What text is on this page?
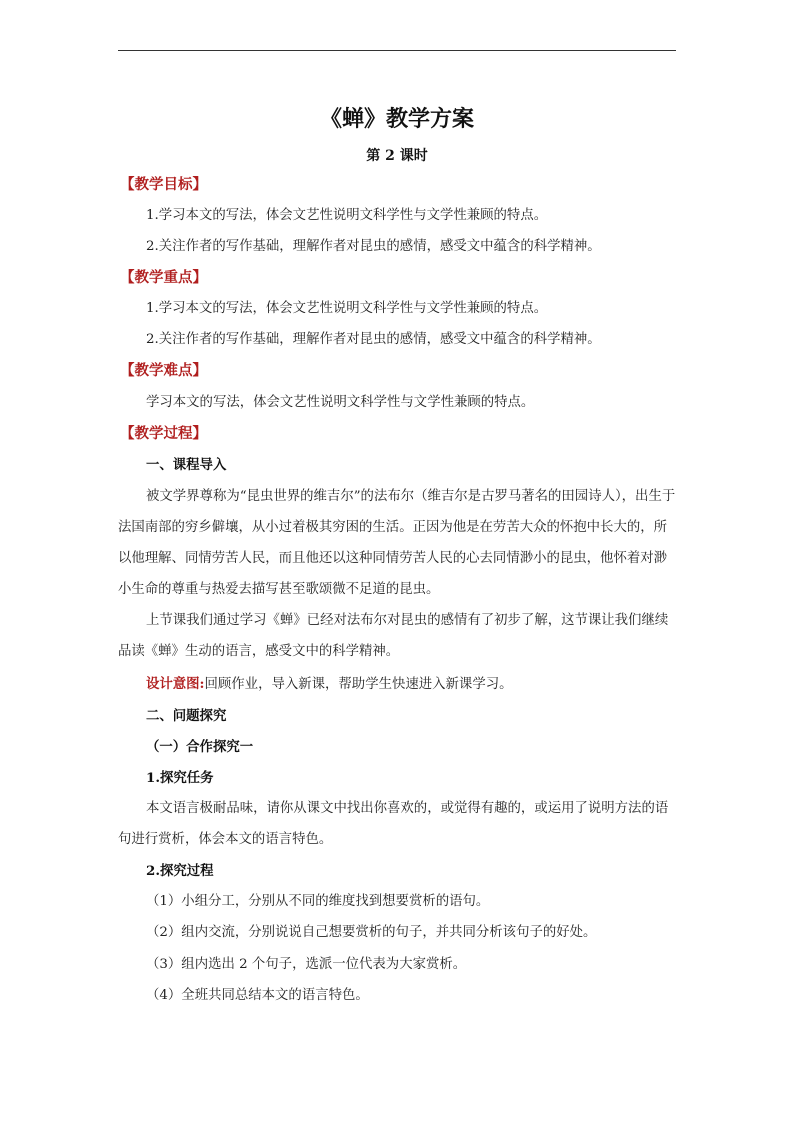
《蝉》教学方案
第 2 课时
【教学目标】
1.学习本文的写法，体会文艺性说明文科学性与文学性兼顾的特点。
2.关注作者的写作基础，理解作者对昆虫的感情，感受文中蕴含的科学精神。
【教学重点】
1.学习本文的写法，体会文艺性说明文科学性与文学性兼顾的特点。
2.关注作者的写作基础，理解作者对昆虫的感情，感受文中蕴含的科学精神。
【教学难点】
学习本文的写法，体会文艺性说明文科学性与文学性兼顾的特点。
【教学过程】
一、课程导入
被文学界尊称为“昆虫世界的维吉尔”的法布尔（维吉尔是古罗马著名的田园诗人），出生于法国南部的穷乡僻壤，从小过着极其穷困的生活。正因为他是在劳苦大众的怀抱中长大的，所以他理解、同情劳苦人民，而且他还以这种同情劳苦人民的心去同情渺小的昆虫，他怀着对渺小生命的尊重与热爱去描写甚至歌颂微不足道的昆虫。
上节课我们通过学习《蝉》已经对法布尔对昆虫的感情有了初步了解，这节课让我们继续品读《蝉》生动的语言，感受文中的科学精神。
设计意图:回顾作业，导入新课，帮助学生快速进入新课学习。
二、问题探究
（一）合作探究一
1.探究任务
本文语言极耐品味，请你从课文中找出你喜欢的，或觉得有趣的，或运用了说明方法的语句进行赏析，体会本文的语言特色。
2.探究过程
（1）小组分工，分别从不同的维度找到想要赏析的语句。
（2）组内交流，分别说说自己想要赏析的句子，并共同分析该句子的好处。
（3）组内选出 2 个句子，选派一位代表为大家赏析。
（4）全班共同总结本文的语言特色。
